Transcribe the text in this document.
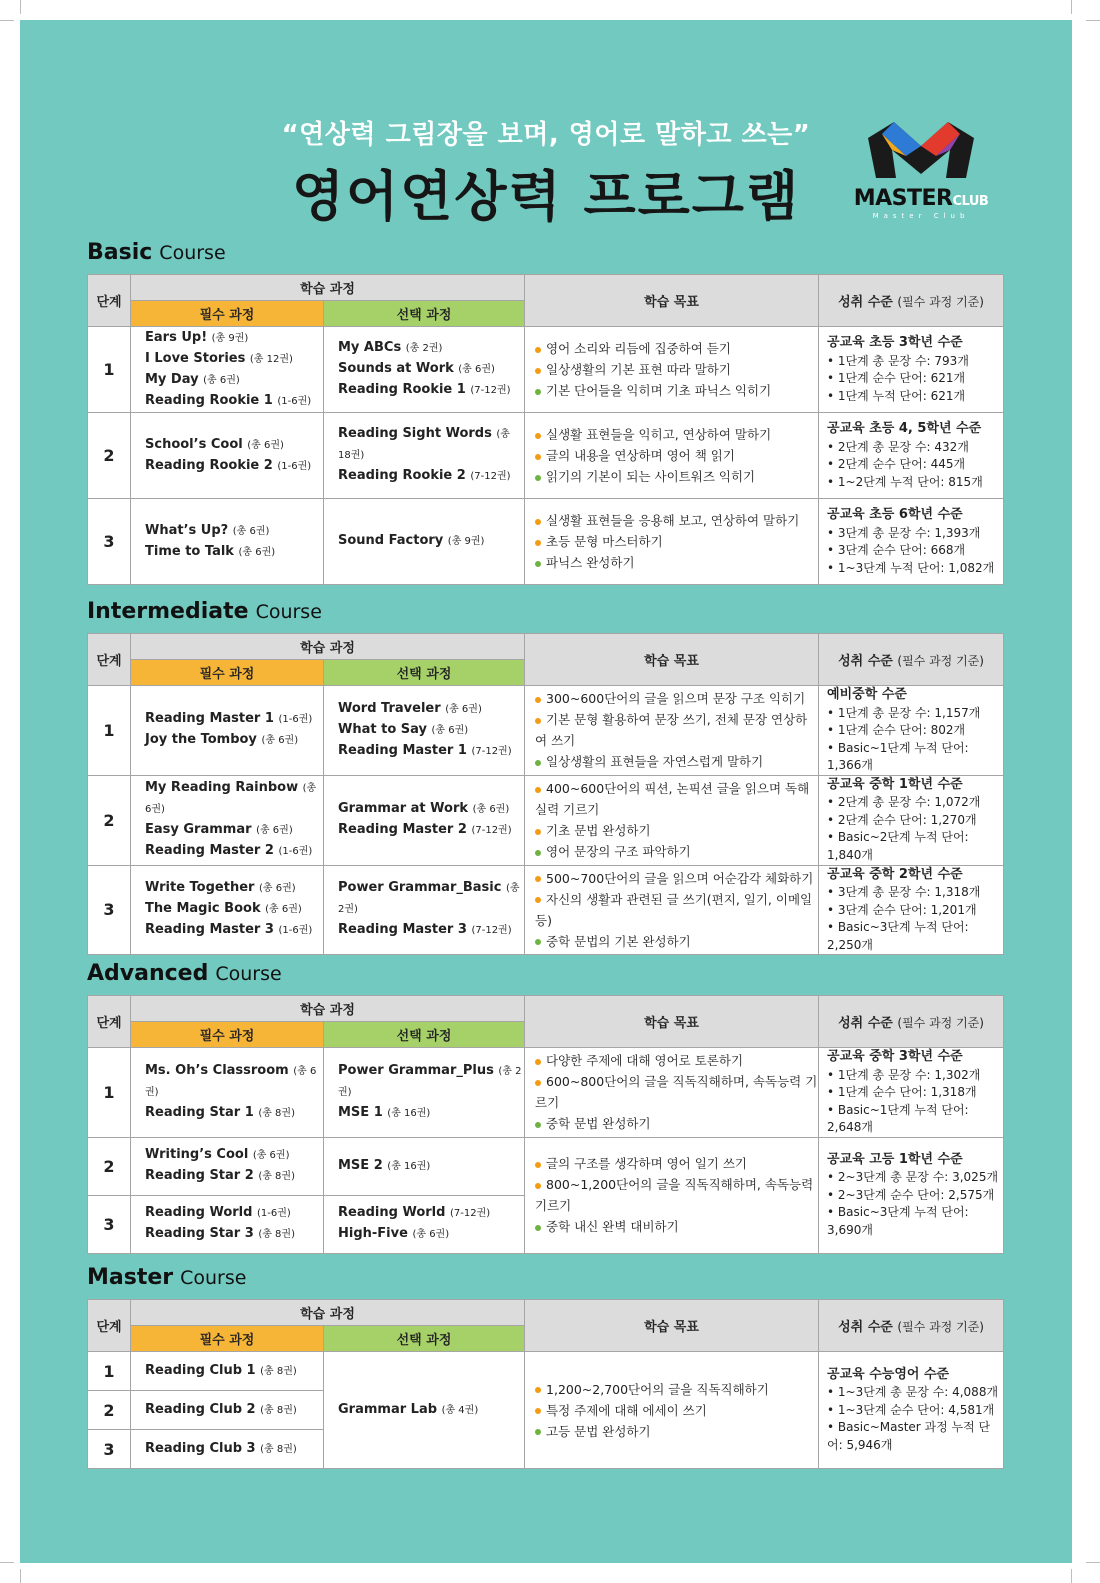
“연상력 그림장을 보며, 영어로 말하고 쓰는”
영어연상력 프로그램	MASTERCLUB
Master Club
Basic Course
단계	학습 과정		학습 목표	성취 수준 (필수 과정 기준)
	필수 과정	선택 과정		
1	Ears Up! (총 9권)
I Love Stories (총 12권)
My Day (총 6권)
Reading Rookie 1 (1-6권)	My ABCs (총 2권)
Sounds at Work (총 6권)
Reading Rookie 1 (7-12권)	영어 소리와 리듬에 집중하여 듣기
일상생활의 기본 표현 따라 말하기
기본 단어들을 익히며 기초 파닉스 익히기	공교육 초등 3학년 수준
• 1단계 총 문장 수: 793개
• 1단계 순수 단어: 621개
• 1단계 누적 단어: 621개

2	School’s Cool (총 6권)
Reading Rookie 2 (1-6권)	Reading Sight Words (총 18권)
Reading Rookie 2 (7-12권)	실생활 표현들을 익히고, 연상하여 말하기
글의 내용을 연상하며 영어 책 읽기
읽기의 기본이 되는 사이트워즈 익히기	공교육 초등 4, 5학년 수준
• 2단계 총 문장 수: 432개
• 2단계 순수 단어: 445개
• 1~2단계 누적 단어: 815개

3	What’s Up? (총 6권)
Time to Talk (총 6권)	Sound Factory (총 9권)	실생활 표현들을 응용해 보고, 연상하여 말하기
초등 문형 마스터하기
파닉스 완성하기	공교육 초등 6학년 수준
• 3단계 총 문장 수: 1,393개
• 3단계 순수 단어: 668개
• 1~3단계 누적 단어: 1,082개
Intermediate Course
단계	학습 과정		학습 목표	성취 수준 (필수 과정 기준)
	필수 과정	선택 과정		
1	Reading Master 1 (1-6권)
Joy the Tomboy (총 6권)	Word Traveler (총 6권)
What to Say (총 6권)
Reading Master 1 (7-12권)	300~600단어의 글을 읽으며 문장 구조 익히기
기본 문형 활용하여 문장 쓰기, 전체 문장 연상하여 쓰기
일상생활의 표현들을 자연스럽게 말하기	예비중학 수준
• 1단계 총 문장 수: 1,157개
• 1단계 순수 단어: 802개
• Basic~1단계 누적 단어: 1,366개

2	My Reading Rainbow (총 6권)
Easy Grammar (총 6권)
Reading Master 2 (1-6권)	Grammar at Work (총 6권)
Reading Master 2 (7-12권)	400~600단어의 픽션, 논픽션 글을 읽으며 독해 실력 기르기
기초 문법 완성하기
영어 문장의 구조 파악하기	공교육 중학 1학년 수준
• 2단계 총 문장 수: 1,072개
• 2단계 순수 단어: 1,270개
• Basic~2단계 누적 단어: 1,840개

3	Write Together (총 6권)
The Magic Book (총 6권)
Reading Master 3 (1-6권)	Power Grammar_Basic (총 2권)
Reading Master 3 (7-12권)	500~700단어의 글을 읽으며 어순감각 체화하기
자신의 생활과 관련된 글 쓰기(편지, 일기, 이메일 등)
중학 문법의 기본 완성하기	공교육 중학 2학년 수준
• 3단계 총 문장 수: 1,318개
• 3단계 순수 단어: 1,201개
• Basic~3단계 누적 단어: 2,250개
Advanced Course
단계	학습 과정		학습 목표	성취 수준 (필수 과정 기준)
	필수 과정	선택 과정		
1	Ms. Oh’s Classroom (총 6권)
Reading Star 1 (총 8권)	Power Grammar_Plus (총 2권)
MSE 1 (총 16권)	다양한 주제에 대해 영어로 토론하기
600~800단어의 글을 직독직해하며, 속독능력 기르기
중학 문법 완성하기	공교육 중학 3학년 수준
• 1단계 총 문장 수: 1,302개
• 1단계 순수 단어: 1,318개
• Basic~1단계 누적 단어: 2,648개

2	Writing’s Cool (총 6권)
Reading Star 2 (총 8권)	MSE 2 (총 16권)	글의 구조를 생각하며 영어 일기 쓰기
800~1,200단어의 글을 직독직해하며, 속독능력 기르기
중학 내신 완벽 대비하기	공교육 고등 1학년 수준
• 2~3단계 총 문장 수: 3,025개
• 2~3단계 순수 단어: 2,575개
• Basic~3단계 누적 단어: 3,690개

3	Reading World (1-6권)
Reading Star 3 (총 8권)	Reading World (7-12권)
High-Five (총 6권)		
Master Course
단계	학습 과정		학습 목표	성취 수준 (필수 과정 기준)
	필수 과정	선택 과정		
1	Reading Club 1 (총 8권)	Grammar Lab (총 4권)	1,200~2,700단어의 글을 직독직해하기
특정 주제에 대해 에세이 쓰기
고등 문법 완성하기	공교육 수능영어 수준
• 1~3단계 총 문장 수: 4,088개
• 1~3단계 순수 단어: 4,581개
• Basic~Master 과정 누적 단어: 5,946개

2	Reading Club 2 (총 8권)			

3	Reading Club 3 (총 8권)			
